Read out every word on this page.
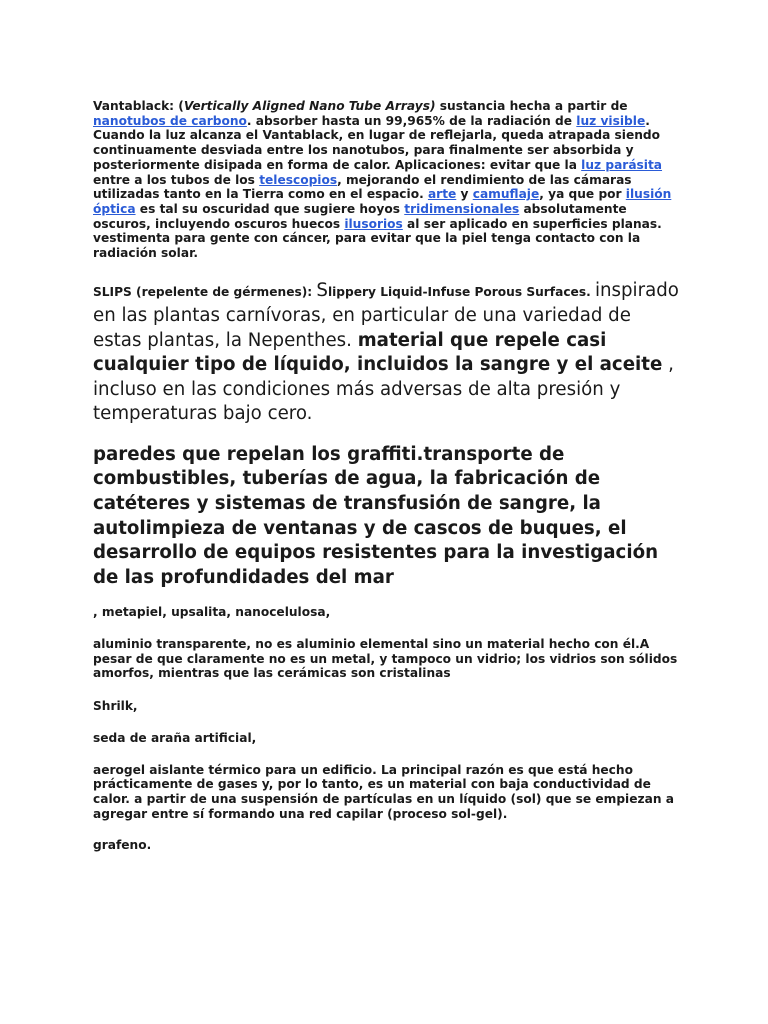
Vantablack: (Vertically Aligned Nano Tube Arrays) sustancia hecha a partir de nanotubos de carbono. absorber hasta un 99,965% de la radiación de luz visible. Cuando la luz alcanza el Vantablack, en lugar de reflejarla, queda atrapada siendo continuamente desviada entre los nanotubos, para finalmente ser absorbida y posteriormente disipada en forma de calor. Aplicaciones: evitar que la luz parásita entre a los tubos de los telescopios, mejorando el rendimiento de las cámaras utilizadas tanto en la Tierra como en el espacio. arte y camuflaje, ya que por ilusión óptica es tal su oscuridad que sugiere hoyos tridimensionales absolutamente oscuros, incluyendo oscuros huecos ilusorios al ser aplicado en superficies planas. vestimenta para gente con cáncer, para evitar que la piel tenga contacto con la radiación solar.

SLIPS (repelente de gérmenes): Slippery Liquid-Infuse Porous Surfaces. inspirado en las plantas carnívoras, en particular de una variedad de estas plantas, la Nepenthes. material que repele casi cualquier tipo de líquido, incluidos la sangre y el aceite , incluso en las condiciones más adversas de alta presión y temperaturas bajo cero.

paredes que repelan los graffiti.transporte de combustibles, tuberías de agua, la fabricación de catéteres y sistemas de transfusión de sangre, la autolimpieza de ventanas y de cascos de buques, el desarrollo de equipos resistentes para la investigación de las profundidades del mar

, metapiel, upsalita, nanocelulosa,

aluminio transparente, no es aluminio elemental sino un material hecho con él.A pesar de que claramente no es un metal, y tampoco un vidrio; los vidrios son sólidos amorfos, mientras que las cerámicas son cristalinas

Shrilk,

seda de araña artificial,

aerogel aislante térmico para un edificio. La principal razón es que está hecho prácticamente de gases y, por lo tanto, es un material con baja conductividad de calor. a partir de una suspensión de partículas en un líquido (sol) que se empiezan a agregar entre sí formando una red capilar (proceso sol-gel).

grafeno.
